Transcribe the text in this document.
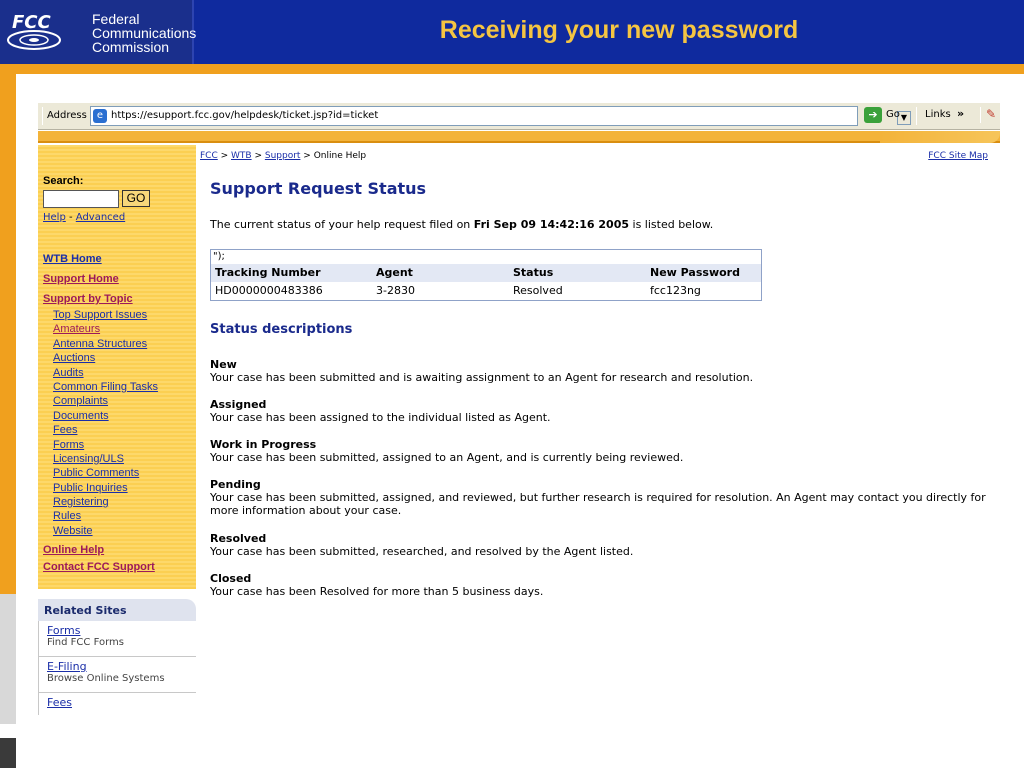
FCC	Federal
Communications
Commission
Receiving your new password
Address	e https://esupport.fcc.gov/helpdesk/ticket.jsp?id=ticket	▼
➔ Go	Links »	✎
Search:
GO
Help - Advanced
WTB Home
Support Home
Support by Topic
Top Support Issues
Amateurs
Antenna Structures
Auctions
Audits
Common Filing Tasks
Complaints
Documents
Fees
Forms
Licensing/ULS
Public Comments
Public Inquiries
Registering
Rules
Website
Online Help
Contact FCC Support
Related Sites
Forms
Find FCC Forms
E-Filing
Browse Online Systems
Fees
FCC > WTB > Support > Online Help	FCC Site Map
Support Request Status
The current status of your help request filed on Fri Sep 09 14:42:16 2005 is listed below.
");
Tracking Number	Agent	Status	New Password
HD0000000483386	3-2830	Resolved	fcc123ng
Status descriptions
New
Your case has been submitted and is awaiting assignment to an Agent for research and resolution.
Assigned
Your case has been assigned to the individual listed as Agent.
Work in Progress
Your case has been submitted, assigned to an Agent, and is currently being reviewed.
Pending
Your case has been submitted, assigned, and reviewed, but further research is required for resolution. An Agent may contact you directly for more information about your case.
Resolved
Your case has been submitted, researched, and resolved by the Agent listed.
Closed
Your case has been Resolved for more than 5 business days.
